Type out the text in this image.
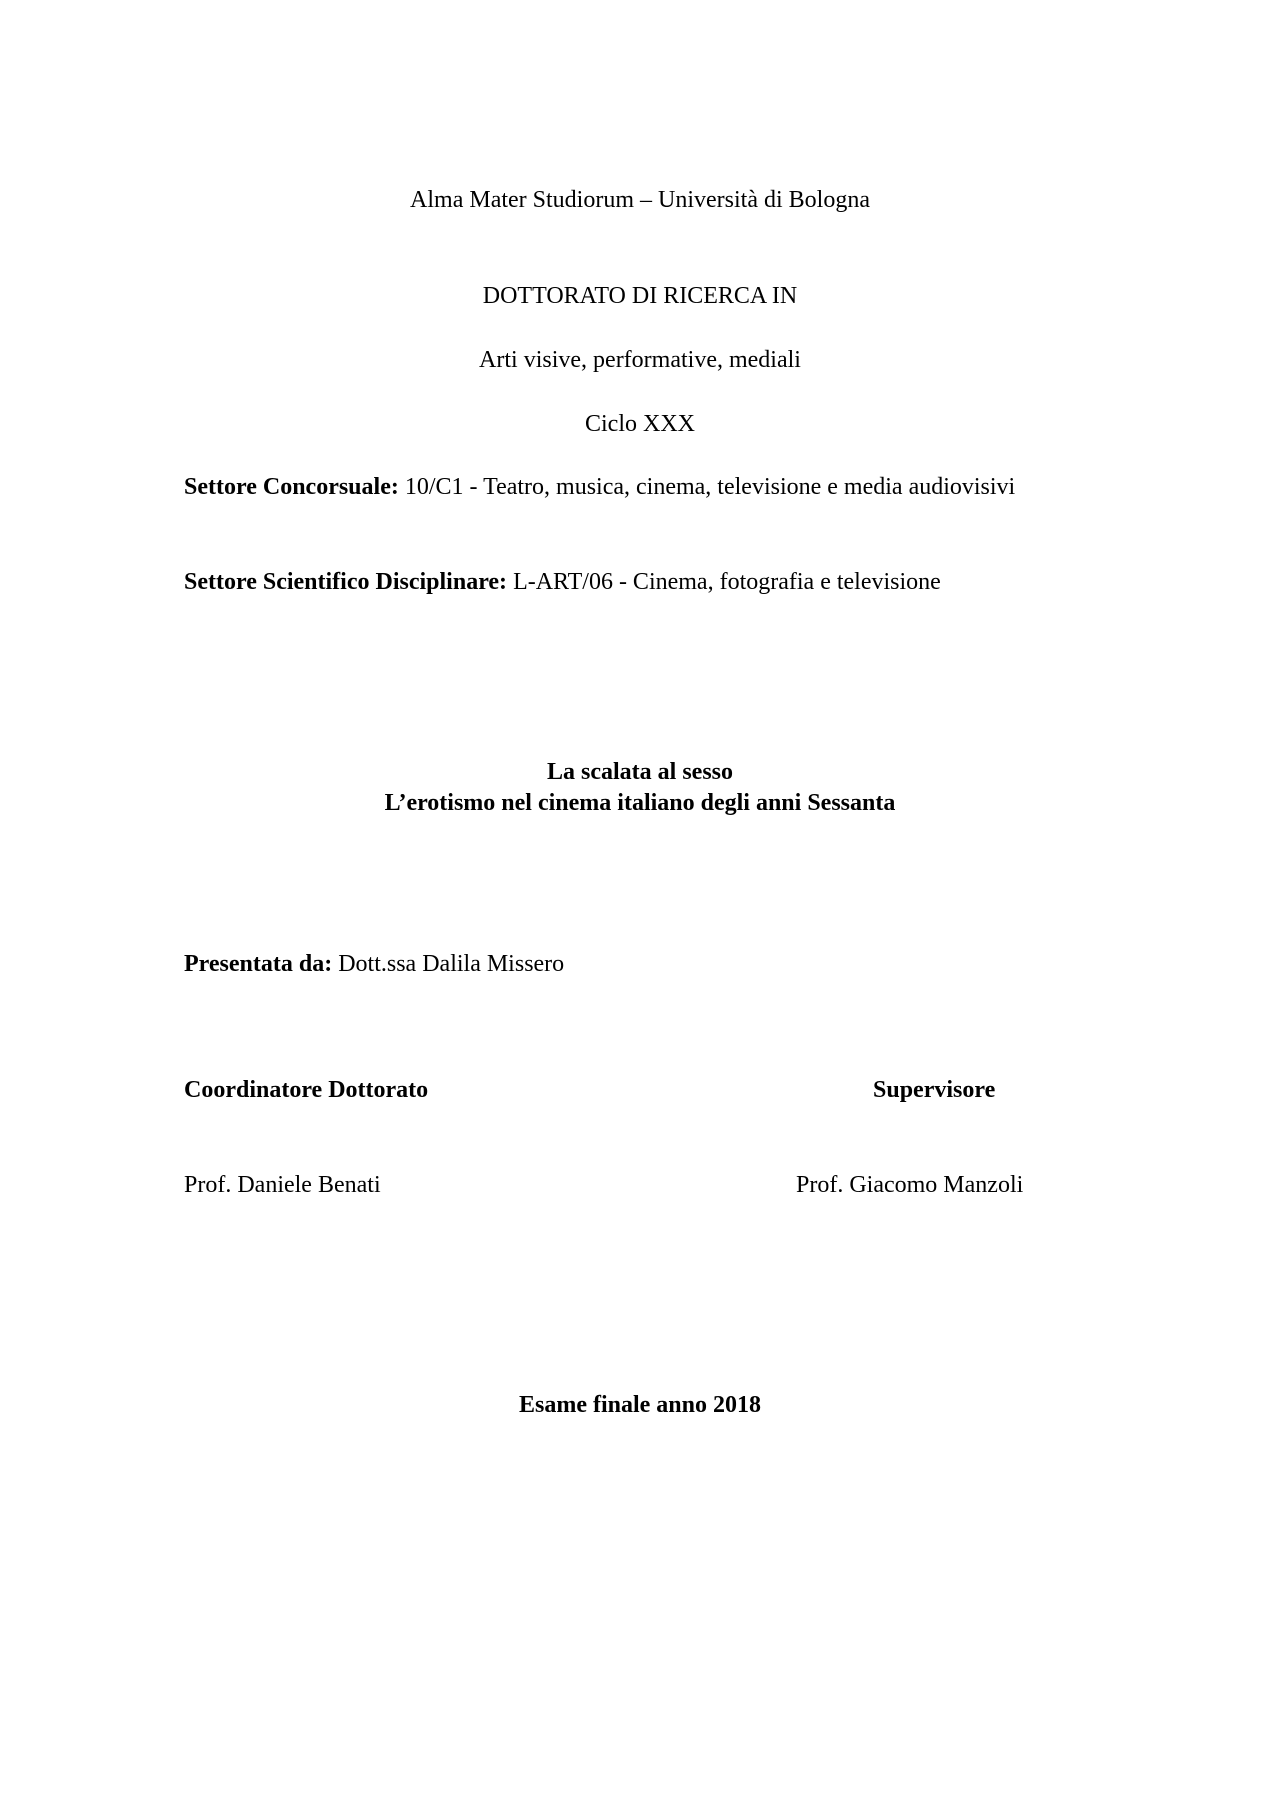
Alma Mater Studiorum – Università di Bologna
DOTTORATO DI RICERCA IN
Arti visive, performative, mediali
Ciclo XXX
Settore Concorsuale: 10/C1 - Teatro, musica, cinema, televisione e media audiovisivi
Settore Scientifico Disciplinare: L-ART/06 - Cinema, fotografia e televisione
La scalata al sesso
L’erotismo nel cinema italiano degli anni Sessanta
Presentata da: Dott.ssa Dalila Missero
Coordinatore Dottorato	Supervisore
Prof. Daniele Benati	Prof. Giacomo Manzoli
Esame finale anno 2018
